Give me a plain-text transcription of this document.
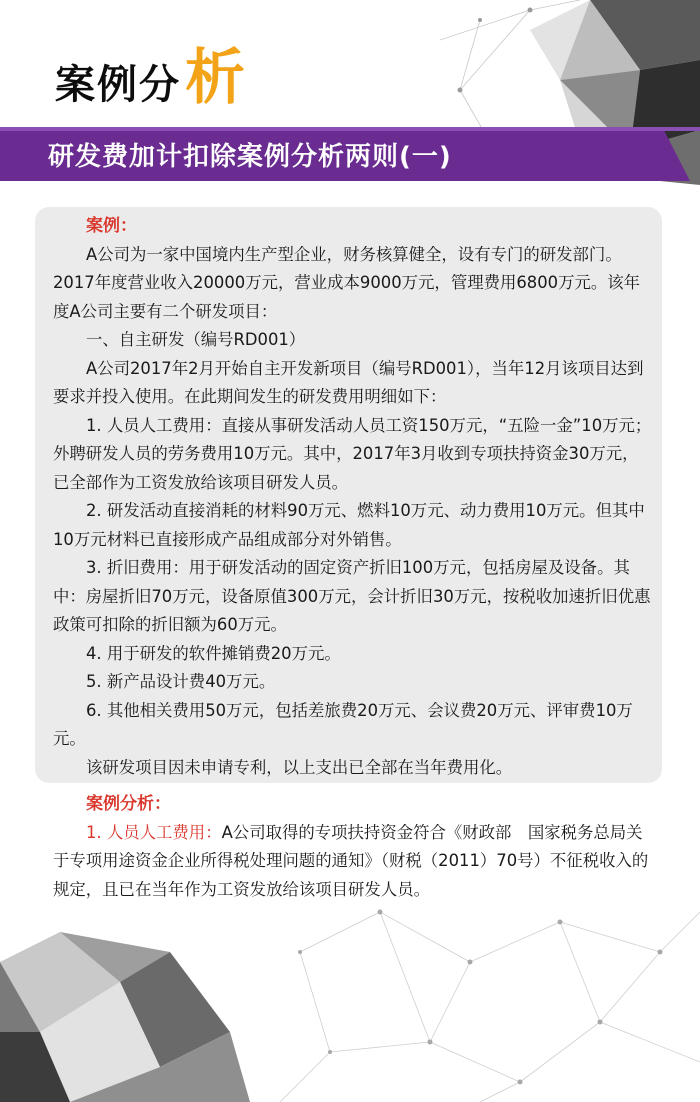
案例分析
研发费加计扣除案例分析两则(一)

案例：

A公司为一家中国境内生产型企业，财务核算健全，设有专门的研发部门。2017年度营业收入20000万元，营业成本9000万元，管理费用6800万元。该年度A公司主要有二个研发项目：

一、自主研发（编号RD001）

A公司2017年2月开始自主开发新项目（编号RD001），当年12月该项目达到要求并投入使用。在此期间发生的研发费用明细如下：

1. 人员人工费用：直接从事研发活动人员工资150万元，“五险一金”10万元；外聘研发人员的劳务费用10万元。其中，2017年3月收到专项扶持资金30万元，已全部作为工资发放给该项目研发人员。

2. 研发活动直接消耗的材料90万元、燃料10万元、动力费用10万元。但其中10万元材料已直接形成产品组成部分对外销售。

3. 折旧费用：用于研发活动的固定资产折旧100万元，包括房屋及设备。其中：房屋折旧70万元，设备原值300万元，会计折旧30万元，按税收加速折旧优惠政策可扣除的折旧额为60万元。

4. 用于研发的软件摊销费20万元。

5. 新产品设计费40万元。

6. 其他相关费用50万元，包括差旅费20万元、会议费20万元、评审费10万元。

该研发项目因未申请专利，以上支出已全部在当年费用化。

案例分析：

1. 人员人工费用：A公司取得的专项扶持资金符合《财政部　国家税务总局关于专项用途资金企业所得税处理问题的通知》（财税（2011）70号）不征税收入的规定，且已在当年作为工资发放给该项目研发人员。
